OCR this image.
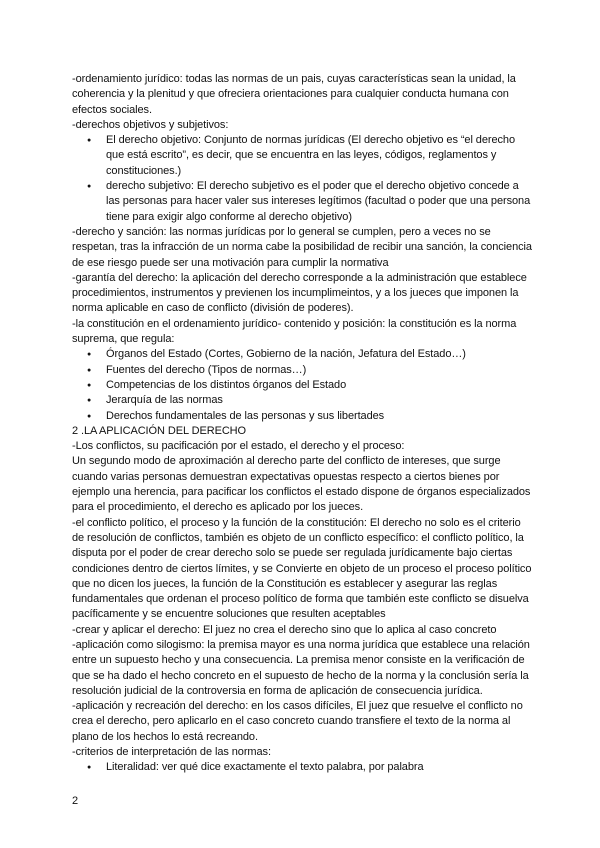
-ordenamiento jurídico: todas las normas de un pais, cuyas características sean la unidad, la coherencia y la plenitud y que ofreciera orientaciones para cualquier conducta humana con efectos sociales.

-derechos objetivos y subjetivos:

● El derecho objetivo: Conjunto de normas jurídicas (El derecho objetivo es “el derecho que está escrito”, es decir, que se encuentra en las leyes, códigos, reglamentos y constituciones.)
● derecho subjetivo: El derecho subjetivo es el poder que el derecho objetivo concede a las personas para hacer valer sus intereses legítimos (facultad o poder que una persona tiene para exigir algo conforme al derecho objetivo)

-derecho y sanción: las normas jurídicas por lo general se cumplen, pero a veces no se respetan, tras la infracción de un norma cabe la posibilidad de recibir una sanción, la conciencia de ese riesgo puede ser una motivación para cumplir la normativa

-garantía del derecho: la aplicación del derecho corresponde a la administración que establece procedimientos, instrumentos y previenen los incumplimeintos, y a los jueces que imponen la norma aplicable en caso de conflicto (división de poderes).

-la constitución en el ordenamiento jurídico- contenido y posición: la constitución es la norma suprema, que regula:

● Órganos del Estado (Cortes, Gobierno de la nación, Jefatura del Estado…)
● Fuentes del derecho (Tipos de normas…)
● Competencias de los distintos órganos del Estado
● Jerarquía de las normas
● Derechos fundamentales de las personas y sus libertades

2 .LA APLICACIÓN DEL DERECHO

-Los conflictos, su pacificación por el estado, el derecho y el proceso:

Un segundo modo de aproximación al derecho parte del conflicto de intereses, que surge cuando varias personas demuestran expectativas opuestas respecto a ciertos bienes por ejemplo una herencia, para pacificar los conflictos el estado dispone de órganos especializados para el procedimiento, el derecho es aplicado por los jueces.

-el conflicto político, el proceso y la función de la constitución: El derecho no solo es el criterio de resolución de conflictos, también es objeto de un conflicto específico: el conflicto político, la disputa por el poder de crear derecho solo se puede ser regulada jurídicamente bajo ciertas condiciones dentro de ciertos límites, y se Convierte en objeto de un proceso el proceso político que no dicen los jueces, la función de la Constitución es establecer y asegurar las reglas fundamentales que ordenan el proceso político de forma que también este conflicto se disuelva pacíficamente y se encuentre soluciones que resulten aceptables

-crear y aplicar el derecho: El juez no crea el derecho sino que lo aplica al caso concreto

-aplicación como silogismo: la premisa mayor es una norma jurídica que establece una relación entre un supuesto hecho y una consecuencia. La premisa menor consiste en la verificación de que se ha dado el hecho concreto en el supuesto de hecho de la norma y la conclusión sería la resolución judicial de la controversia en forma de aplicación de consecuencia jurídica.

-aplicación y recreación del derecho: en los casos difíciles, El juez que resuelve el conflicto no crea el derecho, pero aplicarlo en el caso concreto cuando transfiere el texto de la norma al plano de los hechos lo está recreando.

-criterios de interpretación de las normas:

● Literalidad: ver qué dice exactamente el texto palabra, por palabra
2
